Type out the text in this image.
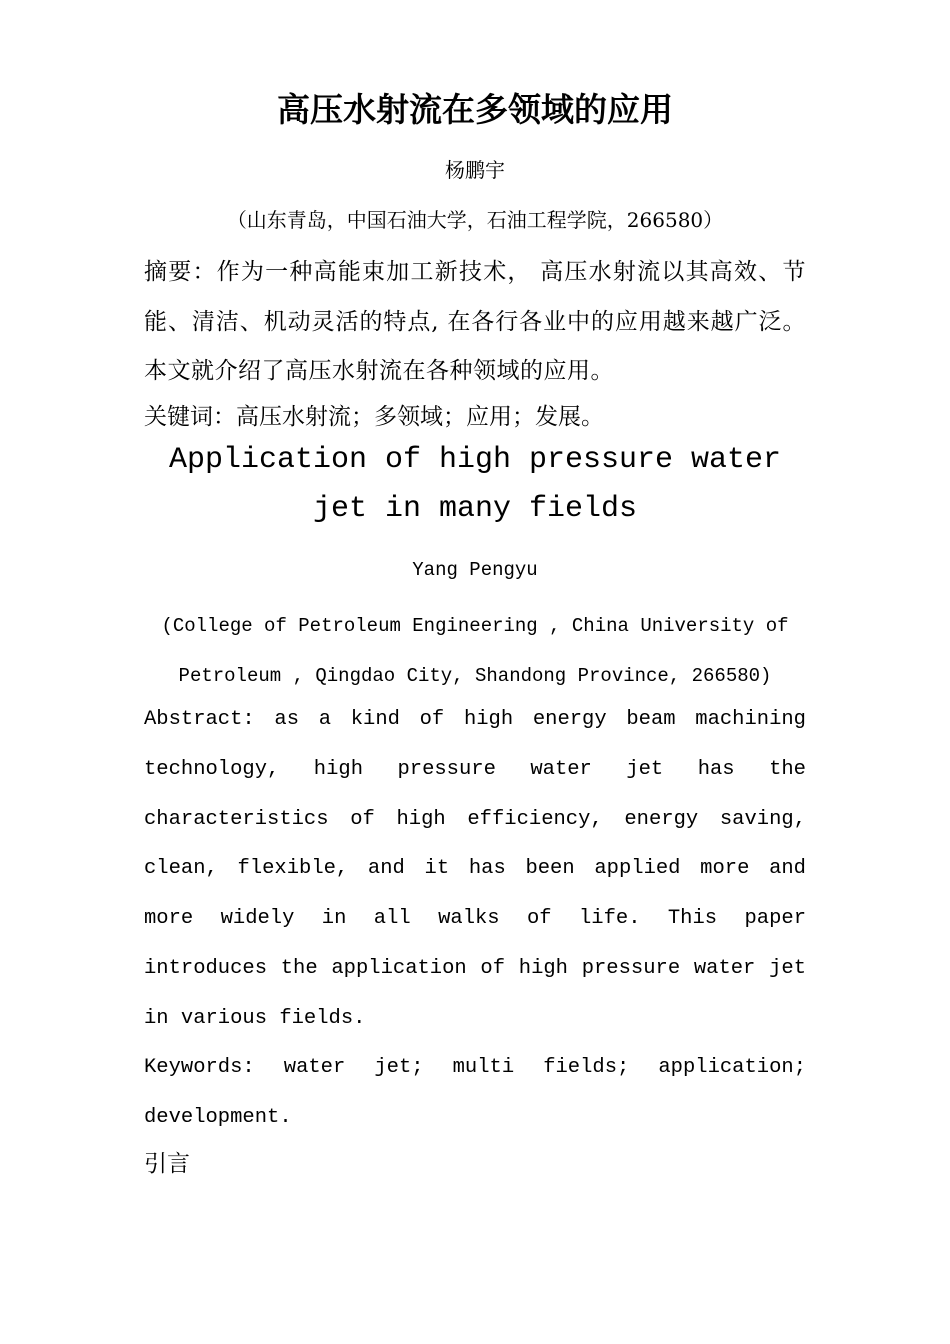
高压水射流在多领域的应用
杨鹏宇
（山东青岛，中国石油大学，石油工程学院，266580）
摘要：作为一种高能束加工新技术， 高压水射流以其高效、节能、清洁、机动灵活的特点, 在各行各业中的应用越来越广泛。本文就介绍了高压水射流在各种领域的应用。
关键词：高压水射流；多领域；应用；发展。
Application of high pressure water jet in many fields
Yang Pengyu
(College of Petroleum Engineering , China University of Petroleum , Qingdao City, Shandong Province, 266580)
Abstract: as a kind of high energy beam machining technology, high pressure water jet has the characteristics of high efficiency, energy saving, clean, flexible, and it has been applied more and more widely in all walks of life. This paper introduces the application of high pressure water jet in various fields.
Keywords: water jet; multi fields; application; development.
引言
